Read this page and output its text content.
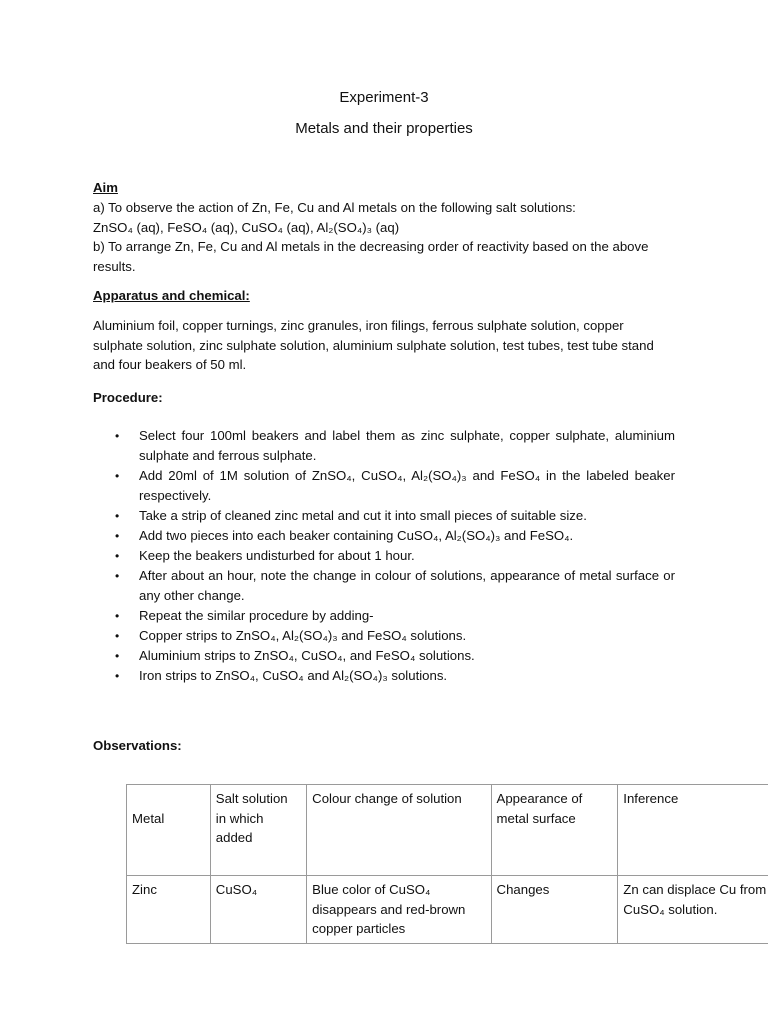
Experiment-3
Metals and their properties
Aim
a) To observe the action of Zn, Fe, Cu and Al metals on the following salt solutions:
ZnSO₄ (aq), FeSO₄ (aq), CuSO₄ (aq), Al₂(SO₄)₃ (aq)
b) To arrange Zn, Fe, Cu and Al metals in the decreasing order of reactivity based on the above results.
Apparatus and chemical:
Aluminium foil, copper turnings, zinc granules, iron filings, ferrous sulphate solution, copper sulphate solution, zinc sulphate solution, aluminium sulphate solution, test tubes, test tube stand and four beakers of 50 ml.
Procedure:
• Select four 100ml beakers and label them as zinc sulphate, copper sulphate, aluminium sulphate and ferrous sulphate.
• Add 20ml of 1M solution of ZnSO₄, CuSO₄, Al₂(SO₄)₃ and FeSO₄ in the labeled beaker respectively.
• Take a strip of cleaned zinc metal and cut it into small pieces of suitable size.
• Add two pieces into each beaker containing CuSO₄, Al₂(SO₄)₃ and FeSO₄.
• Keep the beakers undisturbed for about 1 hour.
• After about an hour, note the change in colour of solutions, appearance of metal surface or any other change.
• Repeat the similar procedure by adding-
• Copper strips to ZnSO₄, Al₂(SO₄)₃ and FeSO₄ solutions.
• Aluminium strips to ZnSO₄, CuSO₄, and FeSO₄ solutions.
• Iron strips to ZnSO₄, CuSO₄ and Al₂(SO₄)₃ solutions.
Observations:
Metal	Salt solution in which added	Colour change of solution	Appearance of metal surface	Inference
Zinc	CuSO₄	Blue color of CuSO₄ disappears and red-brown copper particles	Changes	Zn can displace Cu from CuSO₄ solution.
